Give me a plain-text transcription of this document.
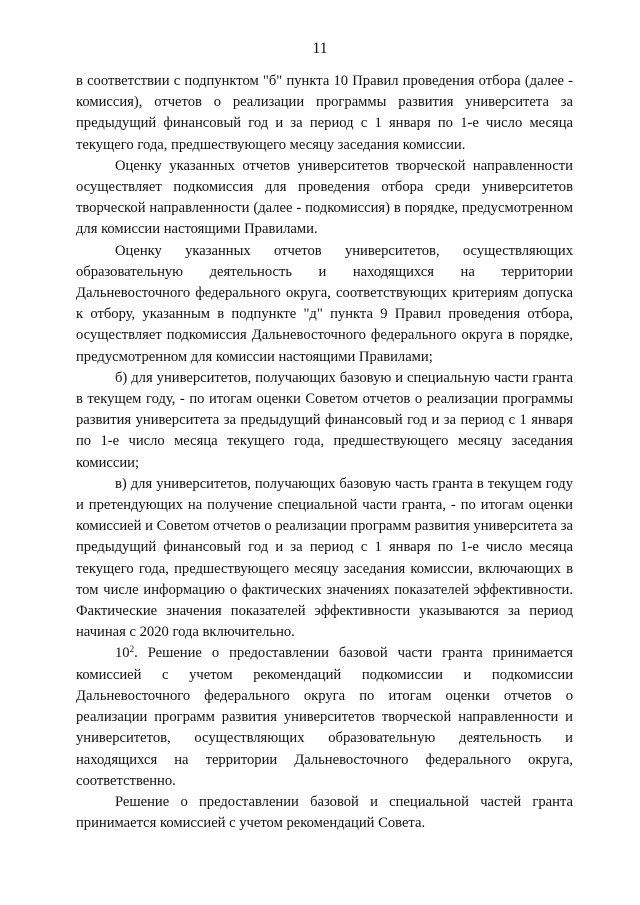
11

в соответствии с подпунктом "б" пункта 10 Правил проведения отбора (далее - комиссия), отчетов о реализации программы развития университета за предыдущий финансовый год и за период с 1 января по 1-е число месяца текущего года, предшествующего месяцу заседания комиссии.

Оценку указанных отчетов университетов творческой направленности осуществляет подкомиссия для проведения отбора среди университетов творческой направленности (далее - подкомиссия) в порядке, предусмотренном для комиссии настоящими Правилами.

Оценку указанных отчетов университетов, осуществляющих образовательную деятельность и находящихся на территории Дальневосточного федерального округа, соответствующих критериям допуска к отбору, указанным в подпункте "д" пункта 9 Правил проведения отбора, осуществляет подкомиссия Дальневосточного федерального округа в порядке, предусмотренном для комиссии настоящими Правилами;

б) для университетов, получающих базовую и специальную части гранта в текущем году, - по итогам оценки Советом отчетов о реализации программы развития университета за предыдущий финансовый год и за период с 1 января по 1-е число месяца текущего года, предшествующего месяцу заседания комиссии;

в) для университетов, получающих базовую часть гранта в текущем году и претендующих на получение специальной части гранта, - по итогам оценки комиссией и Советом отчетов о реализации программ развития университета за предыдущий финансовый год и за период с 1 января по 1-е число месяца текущего года, предшествующего месяцу заседания комиссии, включающих в том числе информацию о фактических значениях показателей эффективности. Фактические значения показателей эффективности указываются за период начиная с 2020 года включительно.

$10^2$. Решение о предоставлении базовой части гранта принимается комиссией с учетом рекомендаций подкомиссии и подкомиссии Дальневосточного федерального округа по итогам оценки отчетов о реализации программ развития университетов творческой направленности и университетов, осуществляющих образовательную деятельность и находящихся на территории Дальневосточного федерального округа, соответственно.

Решение о предоставлении базовой и специальной частей гранта принимается комиссией с учетом рекомендаций Совета.
